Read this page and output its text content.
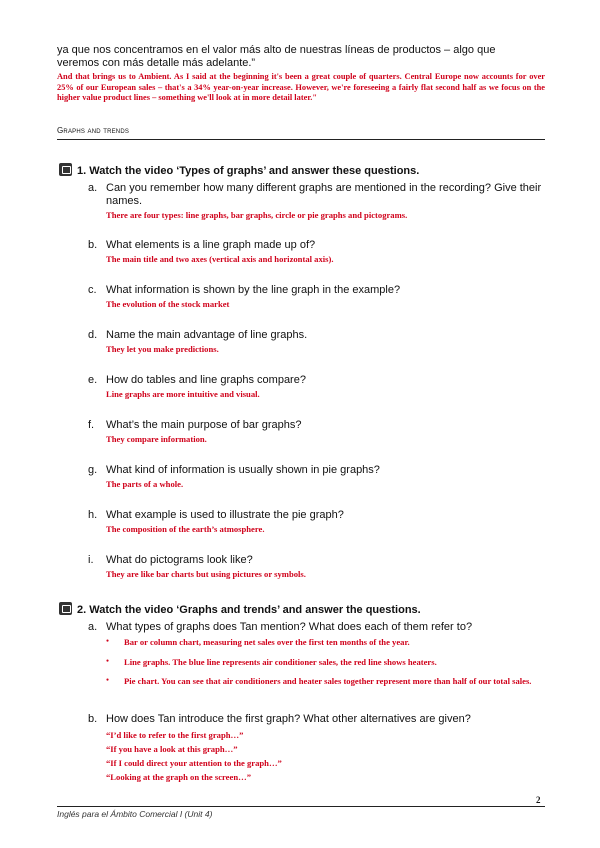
ya que nos concentramos en el valor más alto de nuestras líneas de productos – algo que
veremos con más detalle más adelante.”
And that brings us to Ambient. As I said at the beginning it's been a great couple of quarters. Central Europe now accounts for over 25% of our European sales – that's a 34% year-on-year increase. However, we're foreseeing a fairly flat second half as we focus on the higher value product lines – something we'll look at in more detail later."
Graphs and trends
1. Watch the video ‘Types of graphs’ and answer these questions.
a. Can you remember how many different graphs are mentioned in the recording? Give their names.
There are four types: line graphs, bar graphs, circle or pie graphs and pictograms.
b. What elements is a line graph made up of?
The main title and two axes (vertical axis and horizontal axis).
c. What information is shown by the line graph in the example?
The evolution of the stock market
d. Name the main advantage of line graphs.
They let you make predictions.
e. How do tables and line graphs compare?
Line graphs are more intuitive and visual.
f. What’s the main purpose of bar graphs?
They compare information.
g. What kind of information is usually shown in pie graphs?
The parts of a whole.
h. What example is used to illustrate the pie graph?
The composition of the earth’s atmosphere.
i. What do pictograms look like?
They are like bar charts but using pictures or symbols.
2. Watch the video ‘Graphs and trends’ and answer the questions.
a. What types of graphs does Tan mention? What does each of them refer to?
● Bar or column chart, measuring net sales over the first ten months of the year.
● Line graphs. The blue line represents air conditioner sales, the red line shows heaters.
● Pie chart. You can see that air conditioners and heater sales together represent more than half of our total sales.
b. How does Tan introduce the first graph? What other alternatives are given?
“I’d like to refer to the first graph…”
“If you have a look at this graph…”
“If I could direct your attention to the graph…”
“Looking at the graph on the screen…”
2
Inglés para el Ámbito Comercial I (Unit 4)
